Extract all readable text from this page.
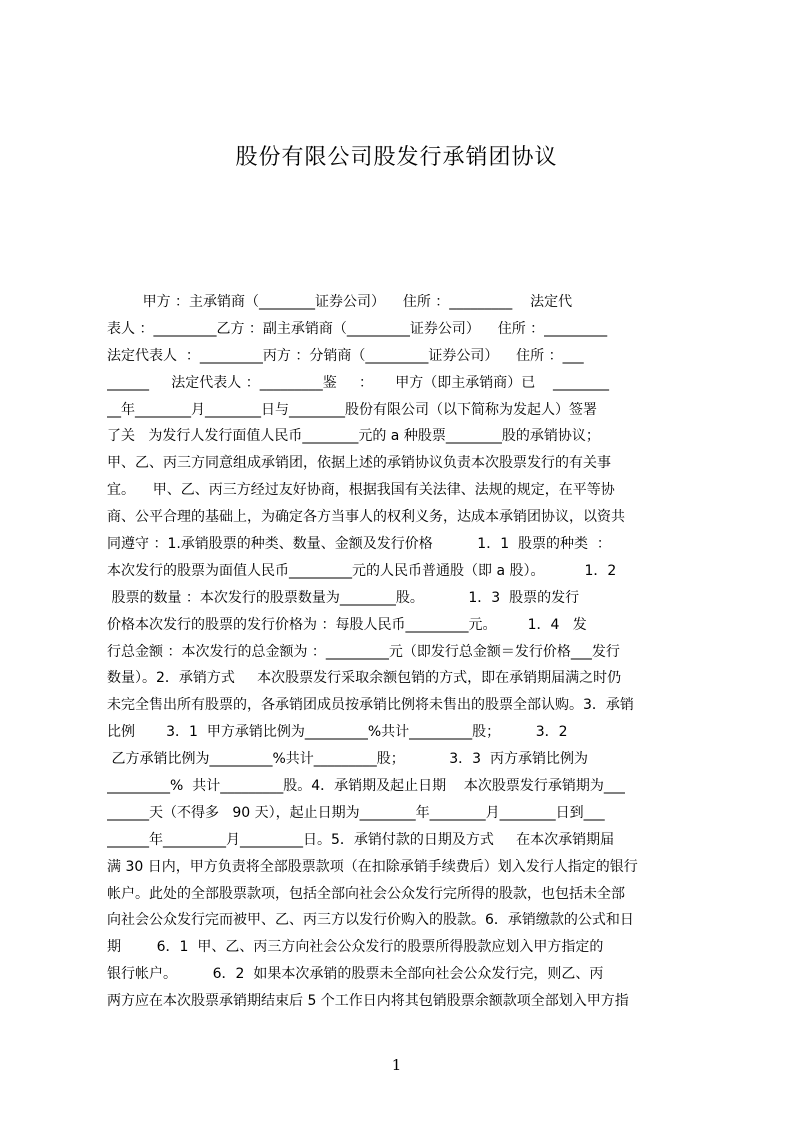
股份有限公司股发行承销团协议
甲方 ：主承销商（________证券公司）    住所 ：_________    法定代
表人 ：_________乙方 ：副主承销商（_________证券公司）    住所 ：_________
法定代表人  ：_________丙方 ：分销商（_________证券公司）    住所 ：___
______     法定代表人 ：_________鉴     ：     甲方（即主承销商）已    ________
__年________月________日与________股份有限公司（以下简称为发起人）签署
了关   为发行人发行面值人民币________元的 a 种股票________股的承销协议；
甲、乙、丙三方同意组成承销团，依据上述的承销协议负责本次股票发行的有关事
宜。    甲、乙、丙三方经过友好协商，根据我国有关法律、法规的规定，在平等协
商、公平合理的基础上，为确定各方当事人的权利义务，达成本承销团协议，以资共
同遵守 ：1.承销股票的种类、数量、金额及发行价格          1．1  股票的种类  ：
本次发行的股票为面值人民币_________元的人民币普通股（即 a 股）。         1．2
股票的数量 ：本次发行的股票数量为________股。          1．3  股票的发行
价格本次发行的股票的发行价格为 ：每股人民币_________元。       1．4   发
行总金额 ：本次发行的总金额为 ：_________元（即发行总金额＝发行价格___发行
数量）。2．承销方式     本次股票发行采取余额包销的方式，即在承销期届满之时仍
未完全售出所有股票的，各承销团成员按承销比例将未售出的股票全部认购。3．承销
比例       3．1  甲方承销比例为_________%共计_________股；        3．2
乙方承销比例为_________%共计_________股；          3．3  丙方承销比例为
_________%  共计_________股。4．承销期及起止日期    本次股票发行承销期为___
______天（不得多   90 天），起止日期为________年________月________日到___
______年_________月_________日。5．承销付款的日期及方式     在本次承销期届
满 30 日内，甲方负责将全部股票款项（在扣除承销手续费后）划入发行人指定的银行
帐户。此处的全部股票款项，包括全部向社会公众发行完所得的股款，也包括未全部
向社会公众发行完而被甲、乙、丙三方以发行价购入的股款。6．承销缴款的公式和日
期        6．1  甲、乙、丙三方向社会公众发行的股票所得股款应划入甲方指定的
银行帐户。        6．2  如果本次承销的股票未全部向社会公众发行完，则乙、丙
两方应在本次股票承销期结束后 5 个工作日内将其包销股票余额款项全部划入甲方指
1
